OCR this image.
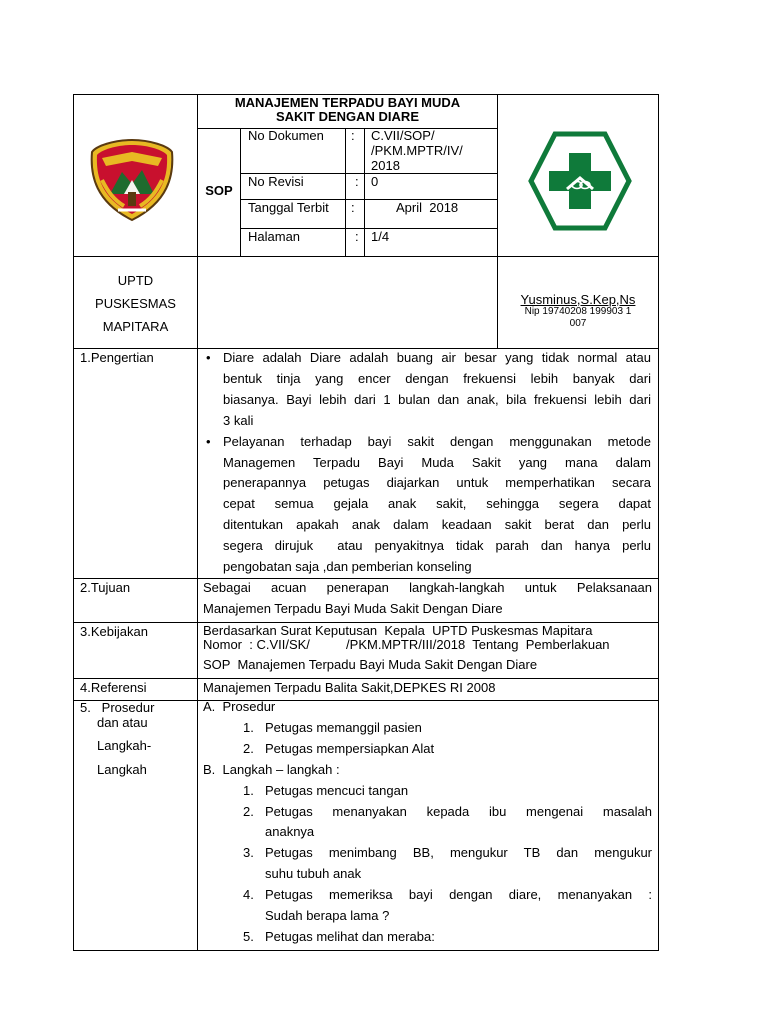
MANAJEMEN TERPADU BAYI MUDA
SAKIT DENGAN DIARE
SOP
No Dokumen : C.VII/SOP/
/PKM.MPTR/IV/
2018
No Revisi	: 0
Tanggal Terbit :	April  2018
Halaman	: 1/4
UPTD
PUSKESMAS
MAPITARA
Yusminus,S.Kep,Ns
Nip 19740208 199903 1
007
1.Pengertian
•	Diare adalah Diare adalah buang air besar yang tidak normal atau
bentuk tinja yang encer dengan frekuensi lebih banyak dari
biasanya. Bayi lebih dari 1 bulan dan anak, bila frekuensi lebih dari
3 kali
• Pelayanan terhadap bayi sakit dengan menggunakan metode
Managemen Terpadu Bayi Muda Sakit yang mana dalam
penerapannya petugas diajarkan untuk memperhatikan secara
cepat semua gejala anak sakit, sehingga segera dapat
ditentukan apakah anak dalam keadaan sakit berat dan perlu
segera dirujuk  atau penyakitnya tidak parah dan hanya perlu
pengobatan saja ,dan pemberian konseling
2.Tujuan	Sebagai acuan penerapan langkah-langkah untuk Pelaksanaan
Manajemen Terpadu Bayi Muda Sakit Dengan Diare
3.Kebijakan	Berdasarkan Surat Keputusan  Kepala  UPTD Puskesmas Mapitara
Nomor  : C.VII/SK/          /PKM.MPTR/III/2018  Tentang  Pemberlakuan
SOP  Manajemen Terpadu Bayi Muda Sakit Dengan Diare
4.Referensi	Manajemen Terpadu Balita Sakit,DEPKES RI 2008
5.   Prosedur
dan atau
Langkah-
Langkah
A.  Prosedur
1. Petugas memanggil pasien
2. Petugas mempersiapkan Alat
B.  Langkah – langkah :
1. Petugas mencuci tangan
2. Petugas menanyakan kepada ibu mengenai masalah
anaknya
3. Petugas menimbang BB, mengukur TB dan mengukur
suhu tubuh anak
4. Petugas memeriksa bayi dengan diare, menanyakan :
Sudah berapa lama ?
5. Petugas melihat dan meraba:
